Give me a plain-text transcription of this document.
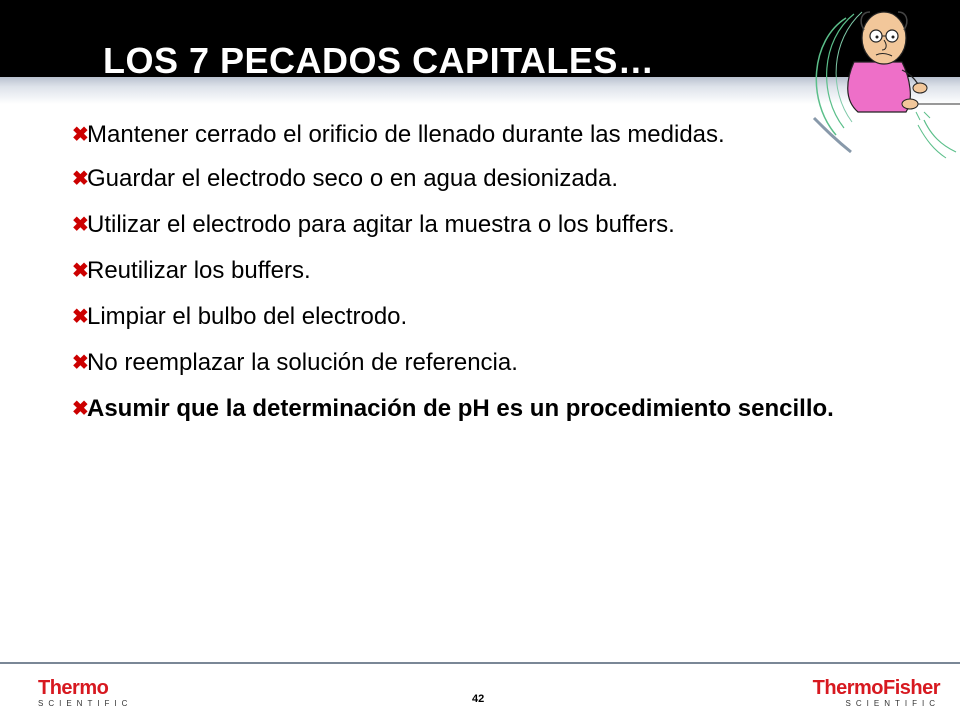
LOS 7 PECADOS CAPITALES…
✖
Mantener cerrado el orificio de llenado durante las medidas.
✖
Guardar el electrodo seco o en agua desionizada.
✖
Utilizar el electrodo para agitar la muestra o los buffers.
✖
Reutilizar los buffers.
✖
Limpiar el bulbo del electrodo.
✖
No reemplazar la solución de referencia.
✖
Asumir que la determinación de pH es un procedimiento sencillo.
Thermo
SCIENTIFIC	42	ThermoFisher
SCIENTIFIC
